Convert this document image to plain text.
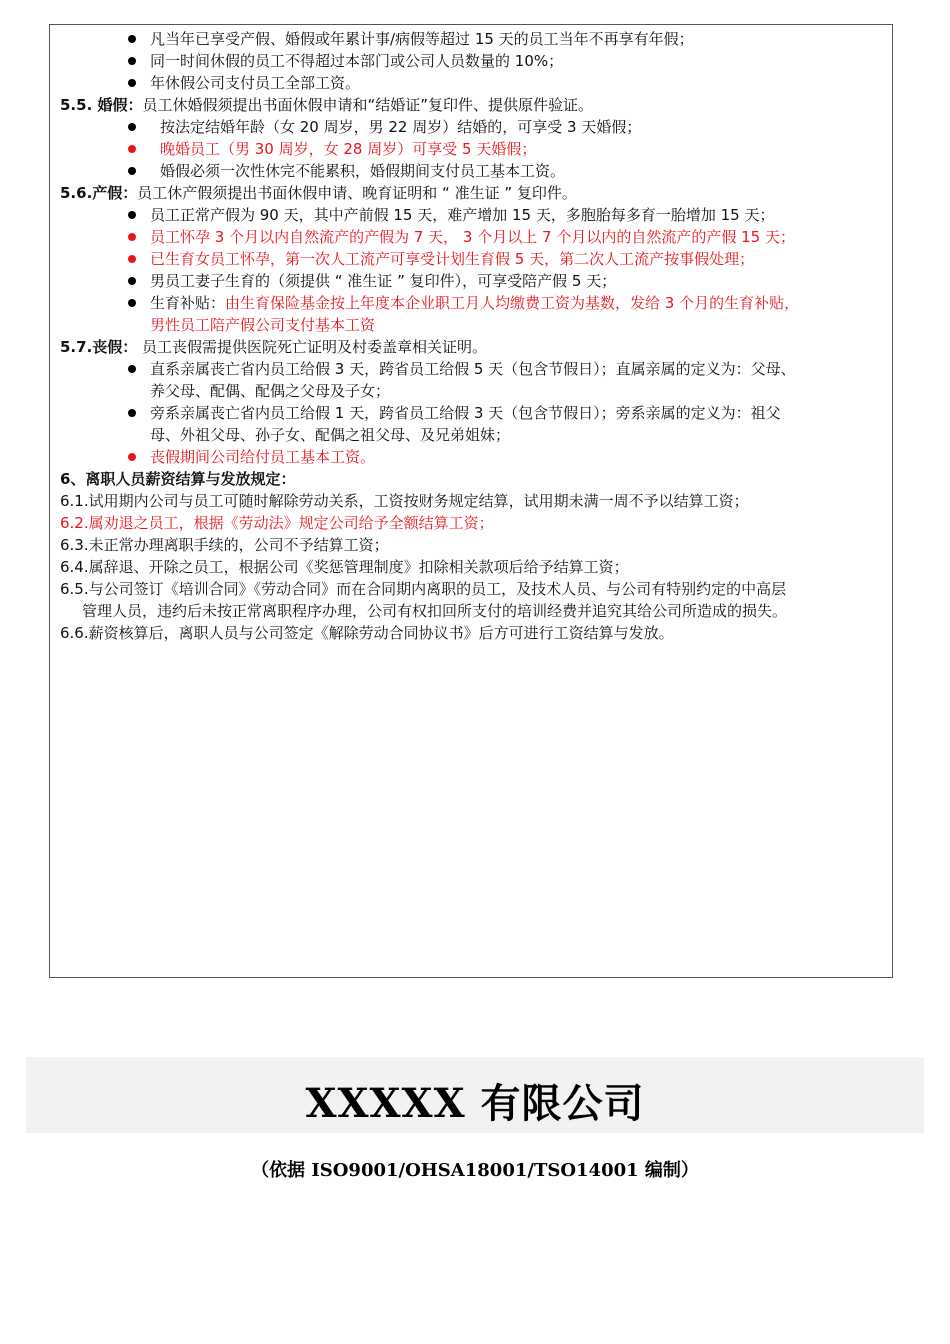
凡当年已享受产假、婚假或年累计事/病假等超过 15 天的员工当年不再享有年假；
同一时间休假的员工不得超过本部门或公司人员数量的 10%；
年休假公司支付员工全部工资。
5.5. 婚假：员工休婚假须提出书面休假申请和“结婚证”复印件、提供原件验证。
按法定结婚年龄（女 20 周岁，男 22 周岁）结婚的，可享受 3 天婚假；
晚婚员工（男 30 周岁，女 28 周岁）可享受 5 天婚假；
婚假必须一次性休完不能累积，婚假期间支付员工基本工资。
5.6.产假：员工休产假须提出书面休假申请、晚育证明和 “ 准生证 ” 复印件。
员工正常产假为 90 天，其中产前假 15 天，难产增加 15 天，多胞胎每多育一胎增加 15 天；
员工怀孕 3 个月以内自然流产的产假为 7 天， 3 个月以上 7 个月以内的自然流产的产假 15 天；
已生育女员工怀孕，第一次人工流产可享受计划生育假 5 天，第二次人工流产按事假处理；
男员工妻子生育的（须提供 “ 准生证 ” 复印件），可享受陪产假 5 天；
生育补贴：由生育保险基金按上年度本企业职工月人均缴费工资为基数，发给 3 个月的生育补贴，
男性员工陪产假公司支付基本工资
5.7.丧假： 员工丧假需提供医院死亡证明及村委盖章相关证明。
直系亲属丧亡省内员工给假 3 天，跨省员工给假 5 天（包含节假日）；直属亲属的定义为：父母、
养父母、配偶、配偶之父母及子女；
旁系亲属丧亡省内员工给假 1 天，跨省员工给假 3 天（包含节假日）；旁系亲属的定义为：祖父
母、外祖父母、孙子女、配偶之祖父母、及兄弟姐妹；
丧假期间公司给付员工基本工资。
6、离职人员薪资结算与发放规定：
6.1.试用期内公司与员工可随时解除劳动关系，工资按财务规定结算，试用期未满一周不予以结算工资；
6.2.属劝退之员工，根据《劳动法》规定公司给予全额结算工资；
6.3.未正常办理离职手续的，公司不予结算工资；
6.4.属辞退、开除之员工，根据公司《奖惩管理制度》扣除相关款项后给予结算工资；
6.5.与公司签订《培训合同》《劳动合同》而在合同期内离职的员工，及技术人员、与公司有特别约定的中高层
管理人员，违约后未按正常离职程序办理，公司有权扣回所支付的培训经费并追究其给公司所造成的损失。
6.6.薪资核算后，离职人员与公司签定《解除劳动合同协议书》后方可进行工资结算与发放。
XXXXX 有限公司
（依据 ISO9001/OHSA18001/TSO14001 编制）
